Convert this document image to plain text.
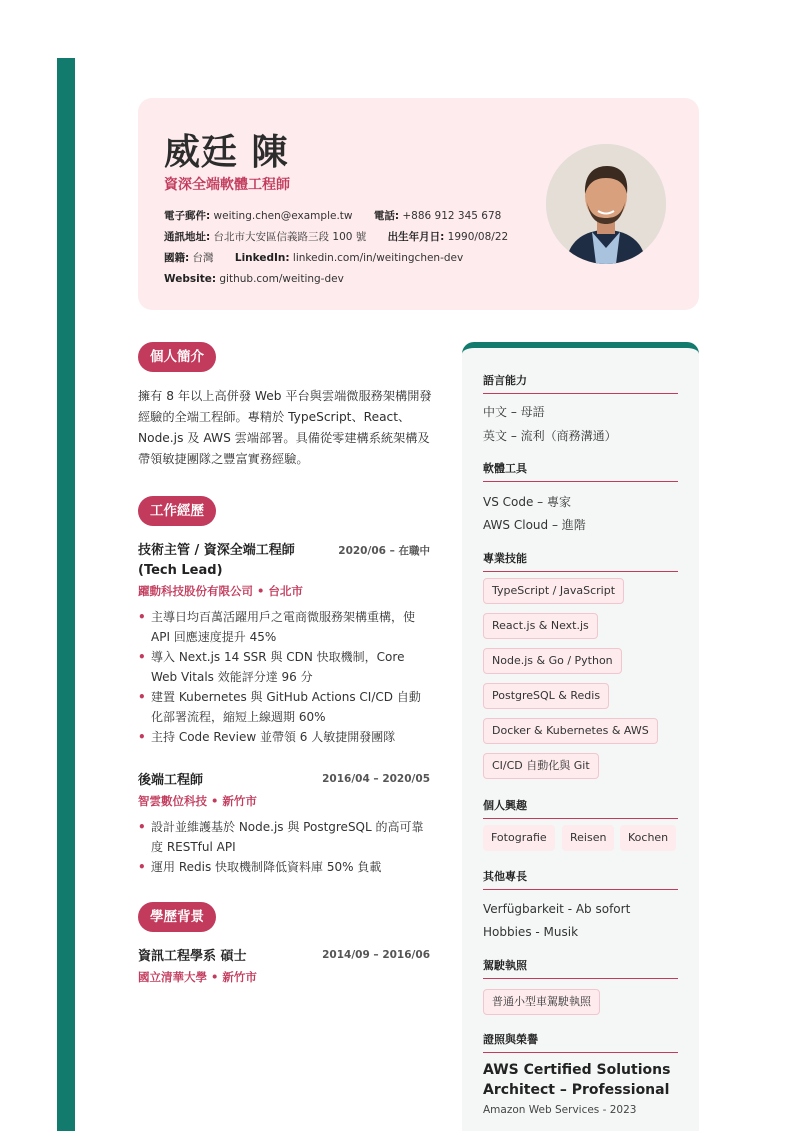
威廷 陳
資深全端軟體工程師
電子郵件: weiting.chen@example.tw 電話: +886 912 345 678
通訊地址: 台北市大安區信義路三段 100 號 出生年月日: 1990/08/22
國籍: 台灣 LinkedIn: linkedin.com/in/weitingchen-dev
Website: github.com/weiting-dev
個人簡介
擁有 8 年以上高併發 Web 平台與雲端微服務架構開發經驗的全端工程師。專精於 TypeScript、React、Node.js 及 AWS 雲端部署。具備從零建構系統架構及帶領敏捷團隊之豐富實務經驗。
工作經歷
技術主管 / 資深全端工程師 (Tech Lead)
2020/06 – 在職中
躍動科技股份有限公司 • 台北市
• 主導日均百萬活躍用戶之電商微服務架構重構，使 API 回應速度提升 45%
• 導入 Next.js 14 SSR 與 CDN 快取機制，Core Web Vitals 效能評分達 96 分
• 建置 Kubernetes 與 GitHub Actions CI/CD 自動化部署流程，縮短上線週期 60%
• 主持 Code Review 並帶領 6 人敏捷開發團隊
後端工程師	2016/04 – 2020/05
智雲數位科技 • 新竹市
• 設計並維護基於 Node.js 與 PostgreSQL 的高可靠度 RESTful API
• 運用 Redis 快取機制降低資料庫 50% 負載
學歷背景
資訊工程學系 碩士	2014/09 – 2016/06
國立清華大學 • 新竹市
語言能力
中文 – 母語
英文 – 流利（商務溝通）
軟體工具
VS Code – 專家
AWS Cloud – 進階
專業技能
TypeScript / JavaScript
React.js & Next.js
Node.js & Go / Python
PostgreSQL & Redis
Docker & Kubernetes & AWS
CI/CD 自動化與 Git
個人興趣
Fotografie	Reisen	Kochen
其他專長
Verfügbarkeit - Ab sofort
Hobbies - Musik
駕駛執照
普通小型車駕駛執照
證照與榮譽
AWS Certified Solutions Architect – Professional
Amazon Web Services - 2023
